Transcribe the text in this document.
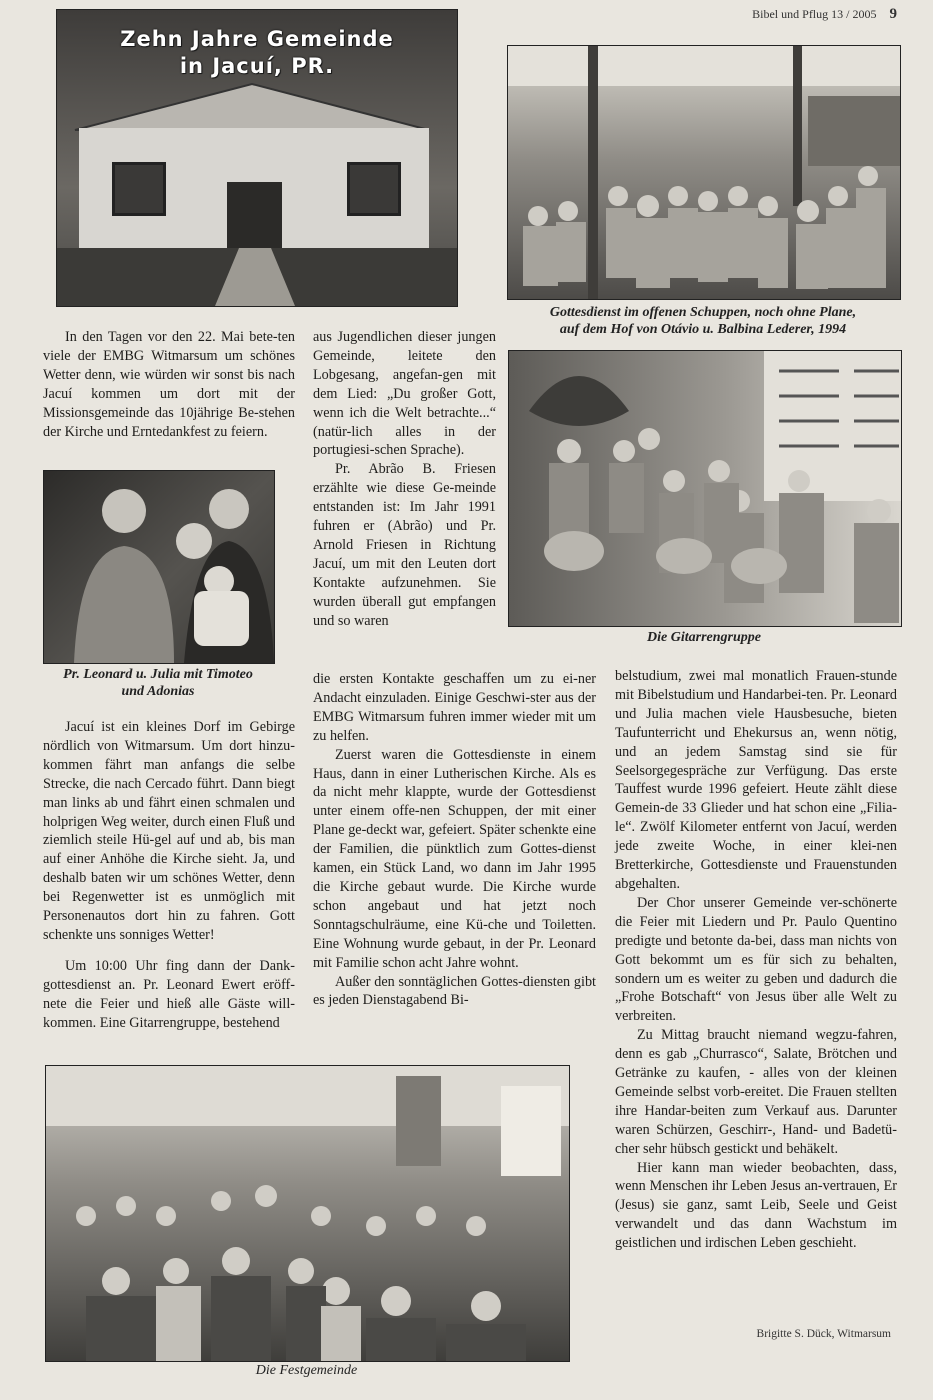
Bibel und Pflug 13 / 2005 9
Zehn Jahre Gemeinde
in Jacuí, PR.
Gottesdienst im offenen Schuppen, noch ohne Plane,
auf dem Hof von Otávio u. Balbina Lederer, 1994
Pr. Leonard u. Julia mit Timoteo
und Adonias
Die Gitarrengruppe
Die Festgemeinde

In den Tagen vor den 22. Mai bete-ten viele der EMBG Witmarsum um schönes Wetter denn, wie würden wir sonst bis nach Jacuí kommen um dort mit der Missionsgemeinde das 10jährige Be-stehen der Kirche und Erntedankfest zu feiern.

Jacuí ist ein kleines Dorf im Gebirge nördlich von Witmarsum. Um dort hinzu-kommen fährt man anfangs die selbe Strecke, die nach Cercado führt. Dann biegt man links ab und fährt einen schmalen und holprigen Weg weiter, durch einen Fluß und ziemlich steile Hü-gel auf und ab, bis man auf einer Anhöhe die Kirche sieht. Ja, und deshalb baten wir um schönes Wetter, denn bei Regenwetter ist es unmöglich mit Personenautos dort hin zu fahren. Gott schenkte uns sonniges Wetter!

Um 10:00 Uhr fing dann der Dank-gottesdienst an. Pr. Leonard Ewert eröff-nete die Feier und hieß alle Gäste will-kommen. Eine Gitarrengruppe, bestehend

aus Jugendlichen dieser jungen Gemeinde, leitete den Lobgesang, angefan-gen mit dem Lied: „Du großer Gott, wenn ich die Welt betrachte...“ (natür-lich alles in der portugiesi-schen Sprache).

Pr. Abrão B. Friesen erzählte wie diese Ge-meinde entstanden ist: Im Jahr 1991 fuhren er (Abrão) und Pr. Arnold Friesen in Richtung Jacuí, um mit den Leuten dort Kontakte aufzunehmen. Sie wurden überall gut empfangen und so waren

die ersten Kontakte geschaffen um zu ei-ner Andacht einzuladen. Einige Geschwi-ster aus der EMBG Witmarsum fuhren immer wieder mit um zu helfen.

Zuerst waren die Gottesdienste in einem Haus, dann in einer Lutherischen Kirche. Als es da nicht mehr klappte, wurde der Gottesdienst unter einem offe-nen Schuppen, der mit einer Plane ge-deckt war, gefeiert. Später schenkte eine der Familien, die pünktlich zum Gottes-dienst kamen, ein Stück Land, wo dann im Jahr 1995 die Kirche gebaut wurde. Die Kirche wurde schon angebaut und hat jetzt noch Sonntagschulräume, eine Kü-che und Toiletten. Eine Wohnung wurde gebaut, in der Pr. Leonard mit Familie schon acht Jahre wohnt.

Außer den sonntäglichen Gottes-diensten gibt es jeden Dienstagabend Bi-

belstudium, zwei mal monatlich Frauen-stunde mit Bibelstudium und Handarbei-ten. Pr. Leonard und Julia machen viele Hausbesuche, bieten Taufunterricht und Ehekursus an, wenn nötig, und an jedem Samstag sind sie für Seelsorgegespräche zur Verfügung. Das erste Tauffest wurde 1996 gefeiert. Heute zählt diese Gemein-de 33 Glieder und hat schon eine „Filia-le“. Zwölf Kilometer entfernt von Jacuí, werden jede zweite Woche, in einer klei-nen Bretterkirche, Gottesdienste und Frauenstunden abgehalten.

Der Chor unserer Gemeinde ver-schönerte die Feier mit Liedern und Pr. Paulo Quentino predigte und betonte da-bei, dass man nichts von Gott bekommt um es für sich zu behalten, sondern um es weiter zu geben und dadurch die „Frohe Botschaft“ von Jesus über alle Welt zu verbreiten.

Zu Mittag braucht niemand wegzu-fahren, denn es gab „Churrasco“, Salate, Brötchen und Getränke zu kaufen, - alles von der kleinen Gemeinde selbst vorb-ereitet. Die Frauen stellten ihre Handar-beiten zum Verkauf aus. Darunter waren Schürzen, Geschirr-, Hand- und Badetü-cher sehr hübsch gestickt und behäkelt.

Hier kann man wieder beobachten, dass, wenn Menschen ihr Leben Jesus an-vertrauen, Er (Jesus) sie ganz, samt Leib, Seele und Geist verwandelt und das dann Wachstum im geistlichen und irdischen Leben geschieht.

Brigitte S. Dück, Witmarsum
